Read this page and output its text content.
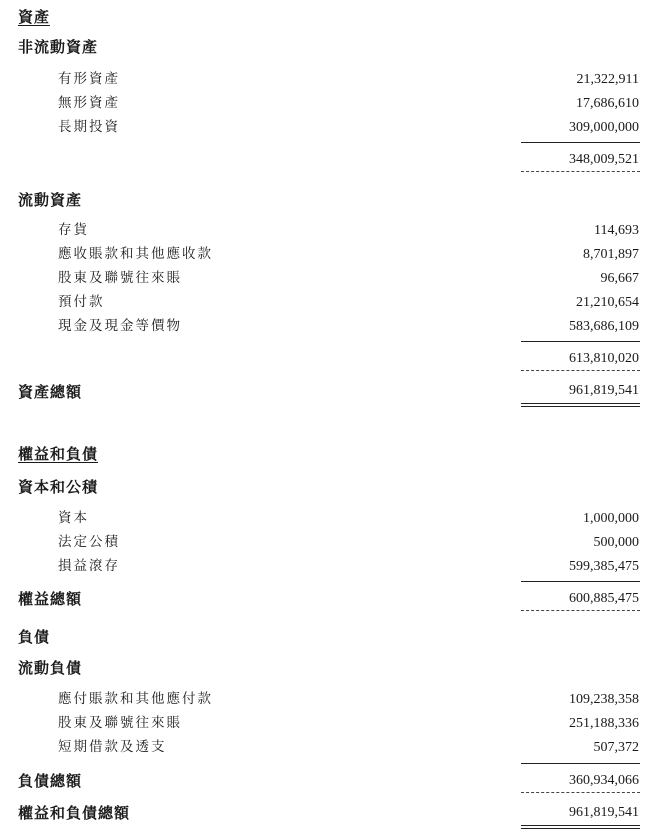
資產
非流動資產
有形資產	21,322,911
無形資產	17,686,610
長期投資	309,000,000
348,009,521
流動資產
存貨	114,693
應收賬款和其他應收款	8,701,897
股東及聯號往來賬	96,667
預付款	21,210,654
現金及現金等價物	583,686,109
613,810,020
資產總額	961,819,541
權益和負債
資本和公積
資本	1,000,000
法定公積	500,000
損益滾存	599,385,475
權益總額	600,885,475
負債
流動負債
應付賬款和其他應付款	109,238,358
股東及聯號往來賬	251,188,336
短期借款及透支	507,372
負債總額	360,934,066
權益和負債總額	961,819,541
